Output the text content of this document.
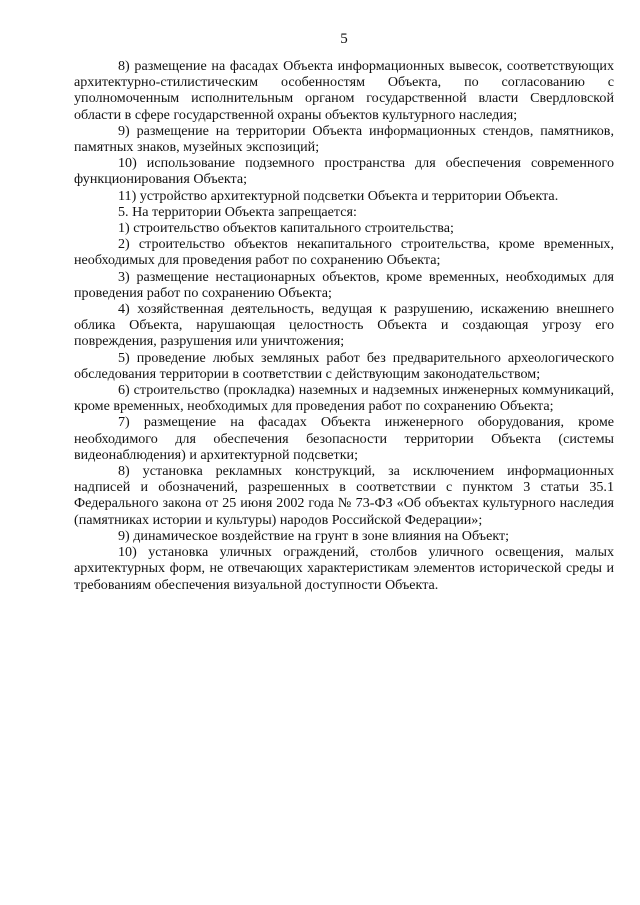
5

8) размещение на фасадах Объекта информационных вывесок, соответствующих архитектурно-стилистическим особенностям Объекта, по согласованию с уполномоченным исполнительным органом государственной власти Свердловской области в сфере государственной охраны объектов культурного наследия;

9) размещение на территории Объекта информационных стендов, памятников, памятных знаков, музейных экспозиций;

10) использование подземного пространства для обеспечения современного функционирования Объекта;

11) устройство архитектурной подсветки Объекта и территории Объекта.

5. На территории Объекта запрещается:

1) строительство объектов капитального строительства;

2) строительство объектов некапитального строительства, кроме временных, необходимых для проведения работ по сохранению Объекта;

3) размещение нестационарных объектов, кроме временных, необходимых для проведения работ по сохранению Объекта;

4) хозяйственная деятельность, ведущая к разрушению, искажению внешнего облика Объекта, нарушающая целостность Объекта и создающая угрозу его повреждения, разрушения или уничтожения;

5) проведение любых земляных работ без предварительного археологического обследования территории в соответствии с действующим законодательством;

6) строительство (прокладка) наземных и надземных инженерных коммуникаций, кроме временных, необходимых для проведения работ по сохранению Объекта;

7) размещение на фасадах Объекта инженерного оборудования, кроме необходимого для обеспечения безопасности территории Объекта (системы видеонаблюдения) и архитектурной подсветки;

8) установка рекламных конструкций, за исключением информационных надписей и обозначений, разрешенных в соответствии с пунктом 3 статьи 35.1 Федерального закона от 25 июня 2002 года № 73-ФЗ «Об объектах культурного наследия (памятниках истории и культуры) народов Российской Федерации»;

9) динамическое воздействие на грунт в зоне влияния на Объект;

10) установка уличных ограждений, столбов уличного освещения, малых архитектурных форм, не отвечающих характеристикам элементов исторической среды и требованиям обеспечения визуальной доступности Объекта.
